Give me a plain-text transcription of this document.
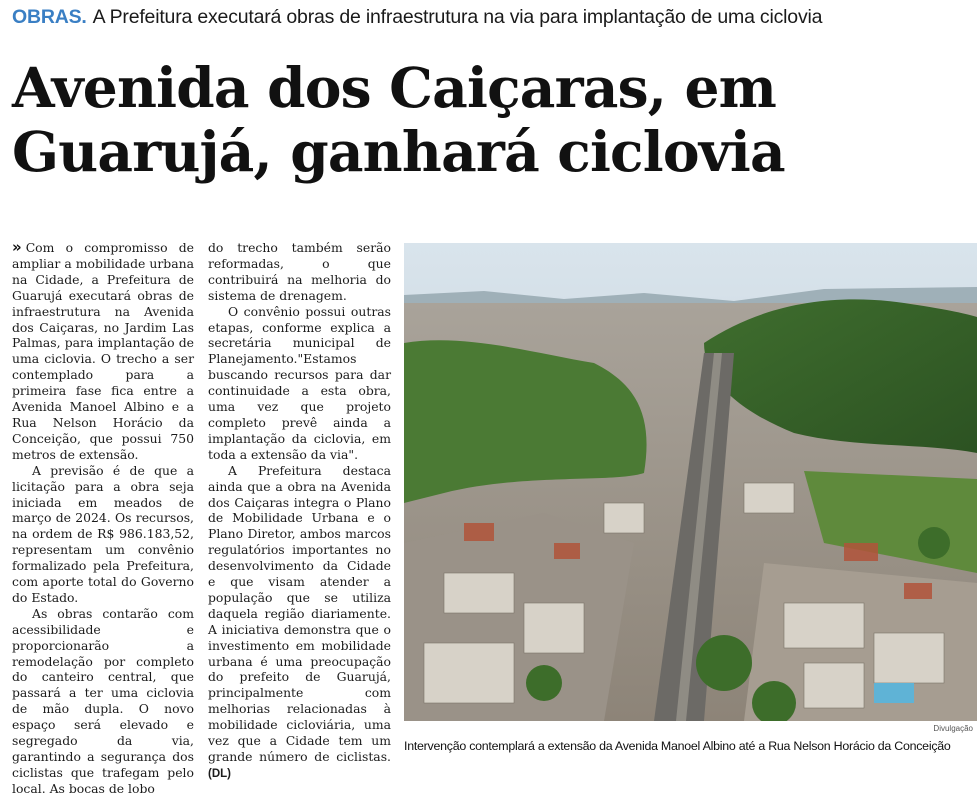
OBRAS. A Prefeitura executará obras de infraestrutura na via para implantação de uma ciclovia
Avenida dos Caiçaras, em
Guarujá, ganhará ciclovia

» Com o compromisso de ampliar a mobilidade urbana na Cidade, a Prefeitura de Guarujá executará obras de infraestrutura na Avenida dos Caiçaras, no Jardim Las Palmas, para implantação de uma ciclovia. O trecho a ser contemplado para a primeira fase fica entre a Avenida Manoel Albino e a Rua Nelson Horácio da Conceição, que possui 750 metros de extensão.

A previsão é de que a licitação para a obra seja iniciada em meados de março de 2024. Os recursos, na ordem de R$ 986.183,52, representam um convênio formalizado pela Prefeitura, com aporte total do Governo do Estado.

As obras contarão com acessibilidade e proporcionarão a remodelação por completo do canteiro central, que passará a ter uma ciclovia de mão dupla. O novo espaço será elevado e segregado da via, garantindo a segurança dos ciclistas que trafegam pelo local. As bocas de lobo

do trecho também serão reformadas, o que contribuirá na melhoria do sistema de drenagem.

O convênio possui outras etapas, conforme explica a secretária municipal de Planejamento."Estamos buscando recursos para dar continuidade a esta obra, uma vez que projeto completo prevê ainda a implantação da ciclovia, em toda a extensão da via".

A Prefeitura destaca ainda que a obra na Avenida dos Caiçaras integra o Plano de Mobilidade Urbana e o Plano Diretor, ambos marcos regulatórios importantes no desenvolvimento da Cidade e que visam atender a população que se utiliza daquela região diariamente. A iniciativa demonstra que o investimento em mobilidade urbana é uma preocupação do prefeito de Guarujá, principalmente com melhorias relacionadas à mobilidade cicloviária, uma vez que a Cidade tem um grande número de ciclistas. (DL)

Divulgação
Intervenção contemplará a extensão da Avenida Manoel Albino até a Rua Nelson Horácio da Conceição
